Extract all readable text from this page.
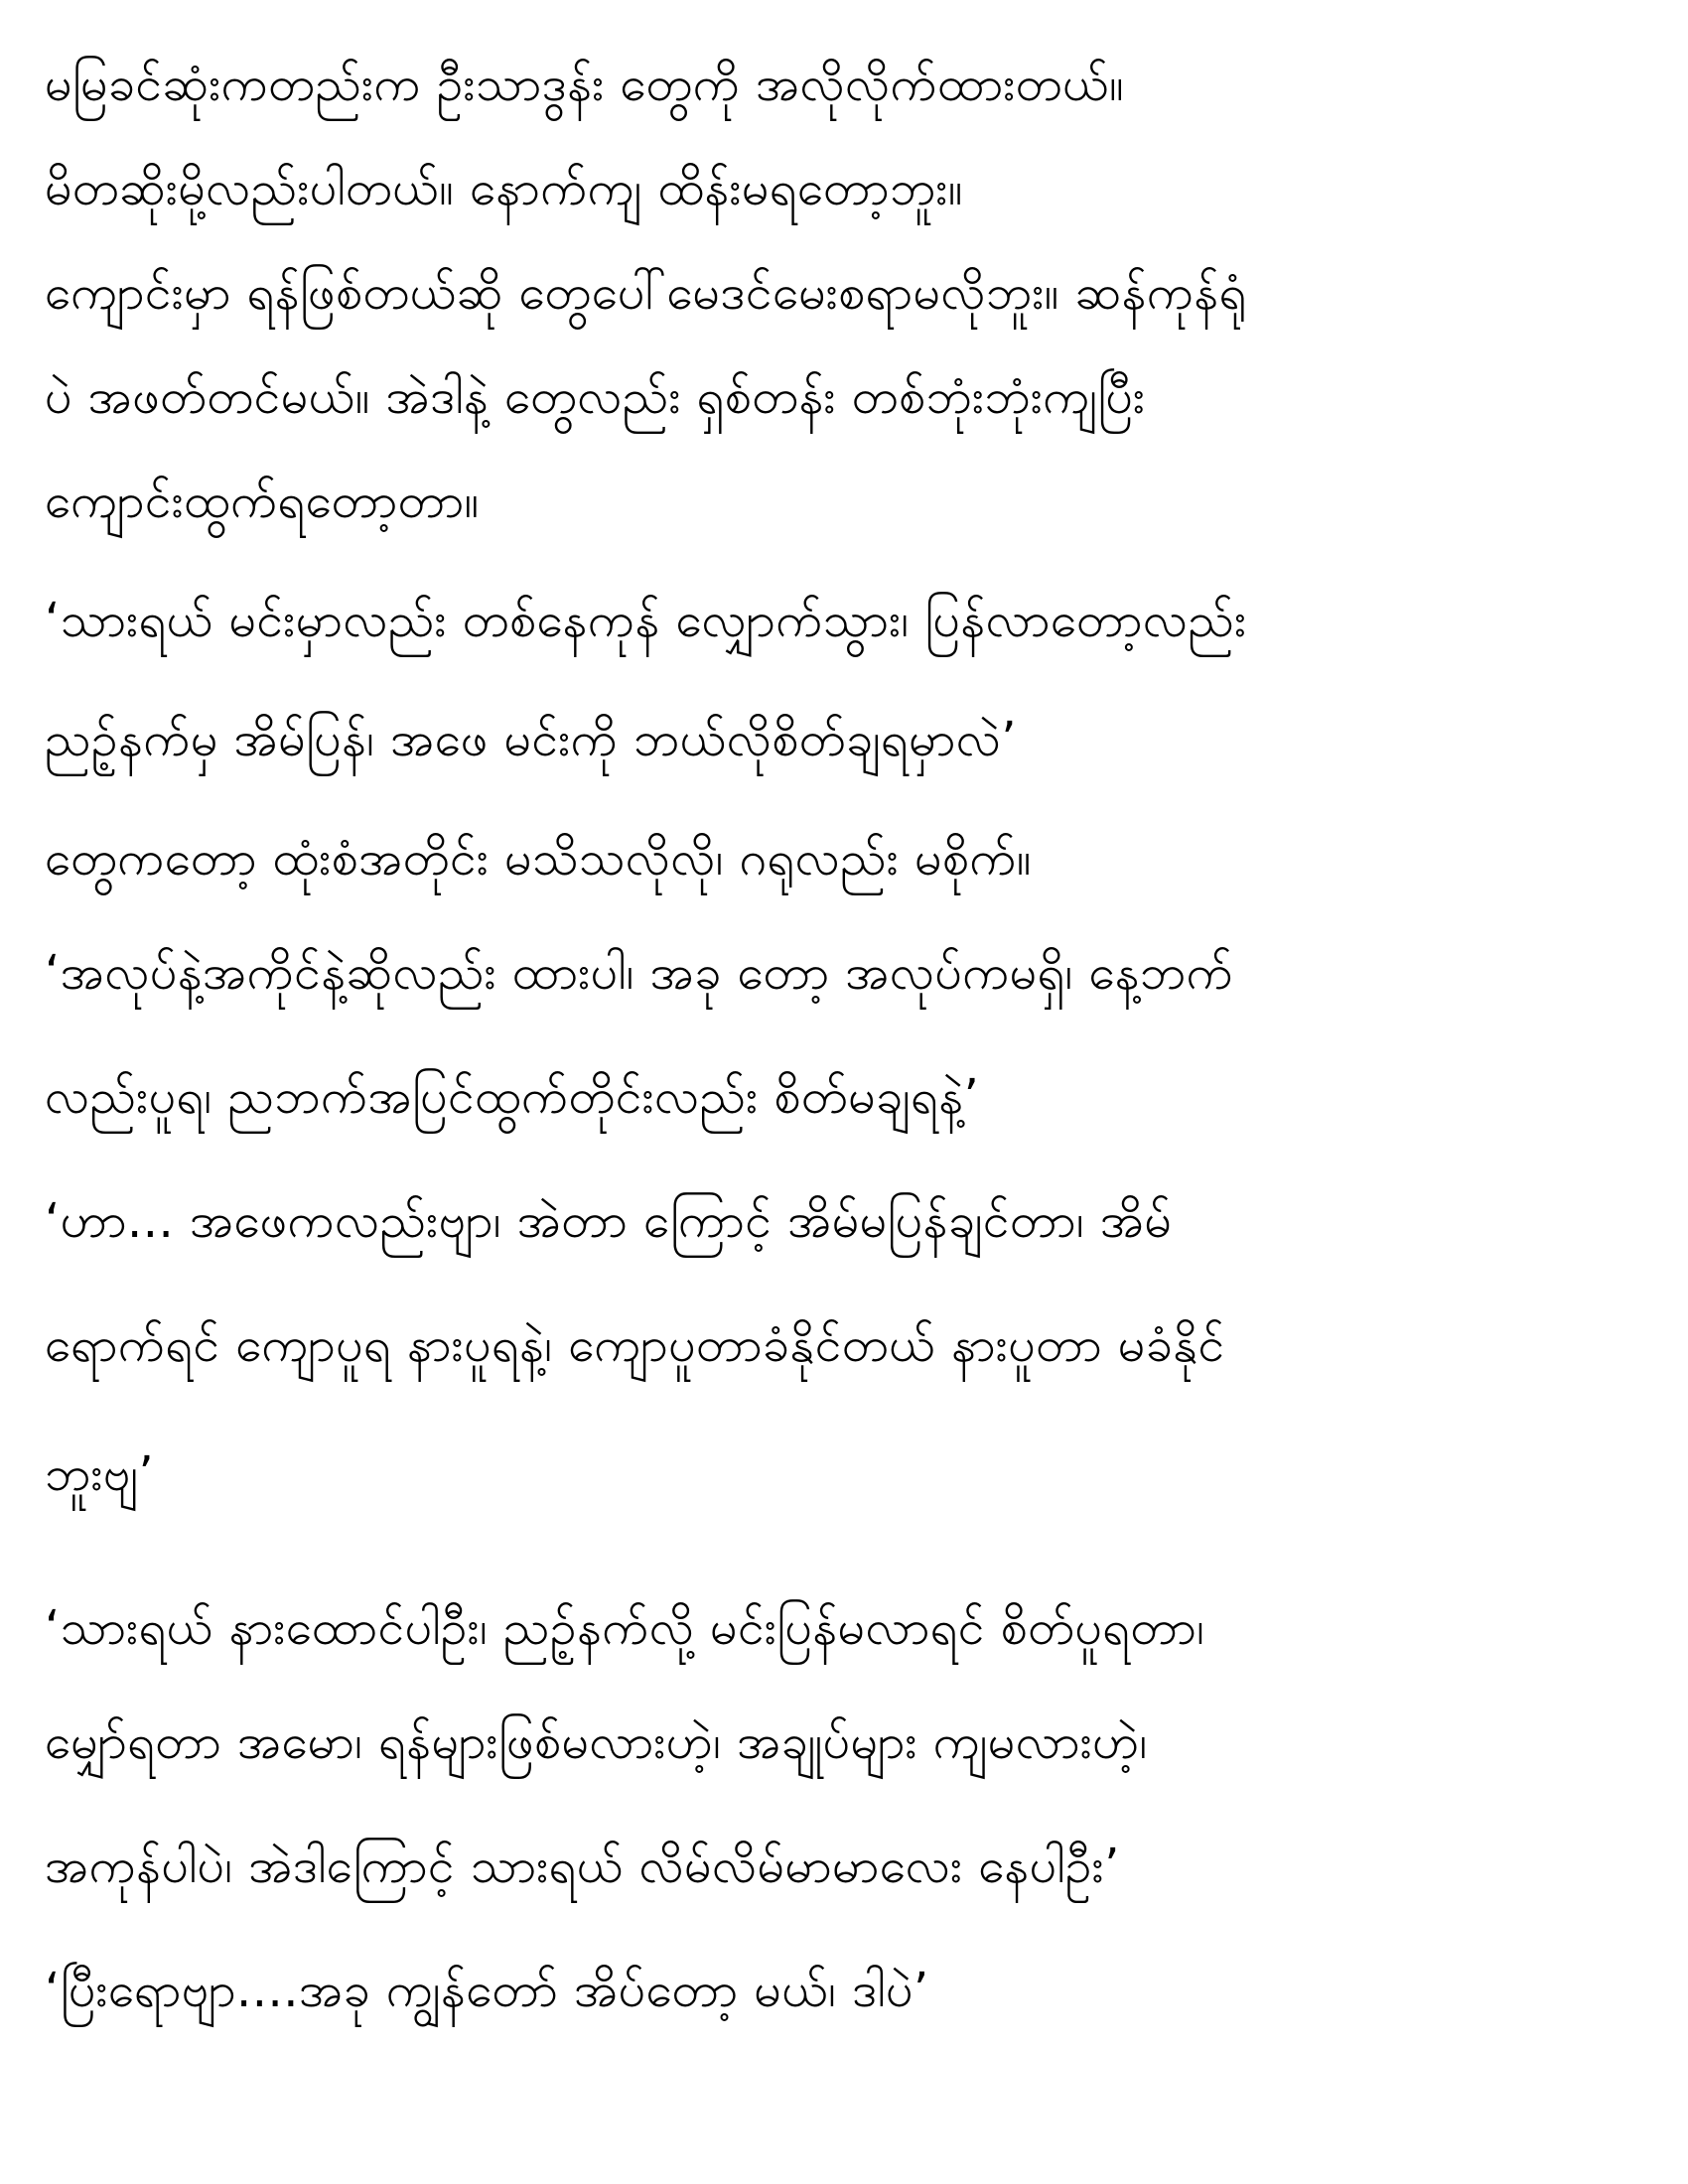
မမြခင်ဆုံးကတည်းက ဦးသာဒွန်း တွေကို အလိုလိုက်ထားတယ်။
မိတဆိုးမို့လည်းပါတယ်။ နောက်ကျ ထိန်းမရတော့ဘူး။
ကျောင်းမှာ ရန်ဖြစ်တယ်ဆို တွေပေါ်မေဒင်မေးစရာမလိုဘူး။ ဆန်ကုန်ရုံ
ပဲ အဖတ်တင်မယ်။ အဲဒါနဲ့ တွေလည်း ရှစ်တန်း တစ်ဘုံးဘုံးကျပြီး
ကျောင်းထွက်ရတော့တာ။
‘သားရယ် မင်းမှာလည်း တစ်နေကုန် လျှောက်သွား၊ ပြန်လာတော့လည်း
ညဉ့်နက်မှ အိမ်ပြန်၊ အဖေ မင်းကို ဘယ်လိုစိတ်ချရမှာလဲ’
တွေကတော့ ထုံးစံအတိုင်း မသိသလိုလို၊ ဂရုလည်း မစိုက်။
‘အလုပ်နဲ့အကိုင်နဲ့ဆိုလည်း ထားပါ၊ အခု တော့ အလုပ်ကမရှိ၊ နေ့ဘက်
လည်းပူရ၊ ညဘက်အပြင်ထွက်တိုင်းလည်း စိတ်မချရနဲ့’
‘ဟာ... အဖေကလည်းဗျာ၊ အဲတာ ကြောင့် အိမ်မပြန်ချင်တာ၊ အိမ်
ရောက်ရင် ကျောပူရ နားပူရနဲ့၊ ကျောပူတာခံနိုင်တယ် နားပူတာ မခံနိုင်
ဘူးဗျ’
‘သားရယ် နားထောင်ပါဦး၊ ညဉ့်နက်လို့ မင်းပြန်မလာရင် စိတ်ပူရတာ၊
မျှော်ရတာ အမော၊ ရန်များဖြစ်မလားဟဲ့၊ အချုပ်များ ကျမလားဟဲ့၊
အကုန်ပါပဲ၊ အဲဒါကြောင့် သားရယ် လိမ်လိမ်မာမာလေး နေပါဦး’
‘ပြီးရောဗျာ....အခု ကျွန်တော် အိပ်တော့ မယ်၊ ဒါပဲ’
